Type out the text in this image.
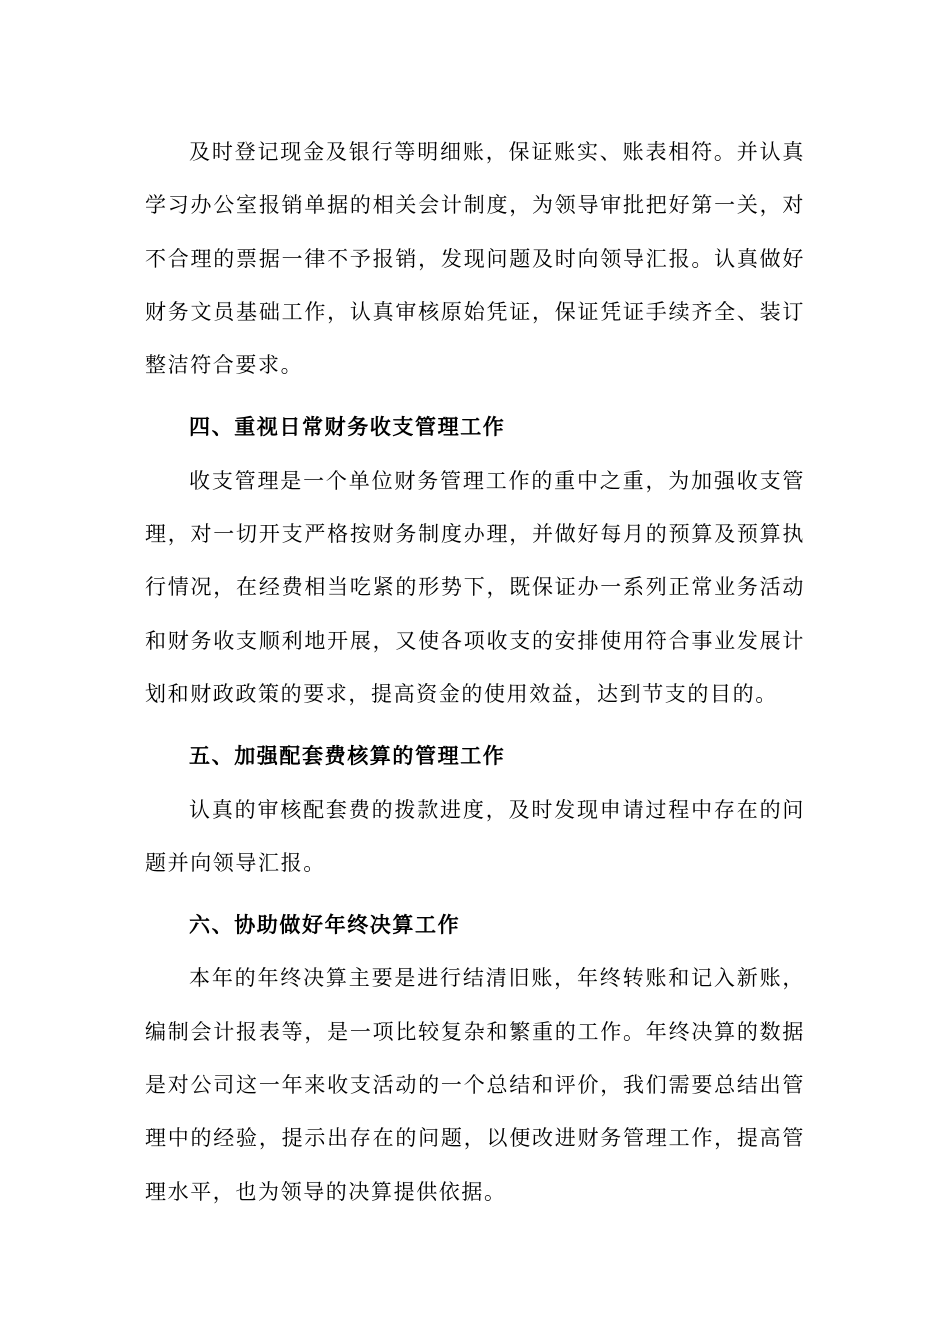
及时登记现金及银行等明细账，保证账实、账表相符。并认真学习办公室报销单据的相关会计制度，为领导审批把好第一关，对不合理的票据一律不予报销，发现问题及时向领导汇报。认真做好财务文员基础工作，认真审核原始凭证，保证凭证手续齐全、装订整洁符合要求。

四、重视日常财务收支管理工作

收支管理是一个单位财务管理工作的重中之重，为加强收支管理，对一切开支严格按财务制度办理，并做好每月的预算及预算执行情况，在经费相当吃紧的形势下，既保证办一系列正常业务活动和财务收支顺利地开展，又使各项收支的安排使用符合事业发展计划和财政政策的要求，提高资金的使用效益，达到节支的目的。

五、加强配套费核算的管理工作

认真的审核配套费的拨款进度，及时发现申请过程中存在的问题并向领导汇报。

六、协助做好年终决算工作

本年的年终决算主要是进行结清旧账，年终转账和记入新账，编制会计报表等，是一项比较复杂和繁重的工作。年终决算的数据是对公司这一年来收支活动的一个总结和评价，我们需要总结出管理中的经验，提示出存在的问题，以便改进财务管理工作，提高管理水平，也为领导的决算提供依据。
